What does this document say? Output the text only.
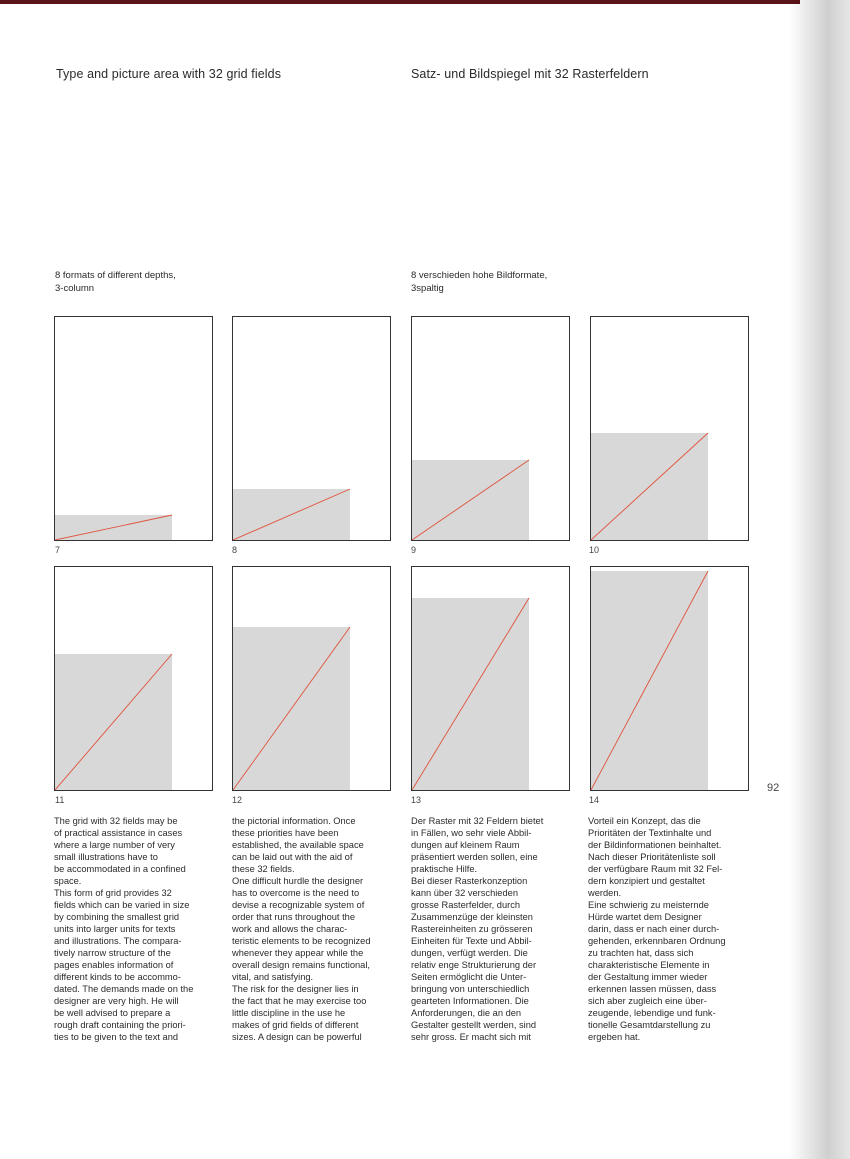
Type and picture area with 32 grid fields	Satz- und Bildspiegel mit 32 Rasterfeldern
8 formats of different depths,
3-column
8 verschieden hohe Bildformate,
3spaltig
7	8	9	10
11	12	13	14
92

The grid with 32 fields may be

of practical assistance in cases

where a large number of very

small illustrations have to

be accommodated in a confined

space.

This form of grid provides 32

fields which can be varied in size

by combining the smallest grid

units into larger units for texts

and illustrations. The compara-

tively narrow structure of the

pages enables information of

different kinds to be accommo-

dated. The demands made on the

designer are very high. He will

be well advised to prepare a

rough draft containing the priori-

ties to be given to the text and

the pictorial information. Once

these priorities have been

established, the available space

can be laid out with the aid of

these 32 fields.

One difficult hurdle the designer

has to overcome is the need to

devise a recognizable system of

order that runs throughout the

work and allows the charac-

teristic elements to be recognized

whenever they appear while the

overall design remains functional,

vital, and satisfying.

The risk for the designer lies in

the fact that he may exercise too

little discipline in the use he

makes of grid fields of different

sizes. A design can be powerful

Der Raster mit 32 Feldern bietet

in Fällen, wo sehr viele Abbil-

dungen auf kleinem Raum

präsentiert werden sollen, eine

praktische Hilfe.

Bei dieser Rasterkonzeption

kann über 32 verschieden

grosse Rasterfelder, durch

Zusammenzüge der kleinsten

Rastereinheiten zu grösseren

Einheiten für Texte und Abbil-

dungen, verfügt werden. Die

relativ enge Strukturierung der

Seiten ermöglicht die Unter-

bringung von unterschiedlich

gearteten Informationen. Die

Anforderungen, die an den

Gestalter gestellt werden, sind

sehr gross. Er macht sich mit

Vorteil ein Konzept, das die

Prioritäten der Textinhalte und

der Bildinformationen beinhaltet.

Nach dieser Prioritätenliste soll

der verfügbare Raum mit 32 Fel-

dern konzipiert und gestaltet

werden.

Eine schwierig zu meisternde

Hürde wartet dem Designer

darin, dass er nach einer durch-

gehenden, erkennbaren Ordnung

zu trachten hat, dass sich

charakteristische Elemente in

der Gestaltung immer wieder

erkennen lassen müssen, dass

sich aber zugleich eine über-

zeugende, lebendige und funk-

tionelle Gesamtdarstellung zu

ergeben hat.
